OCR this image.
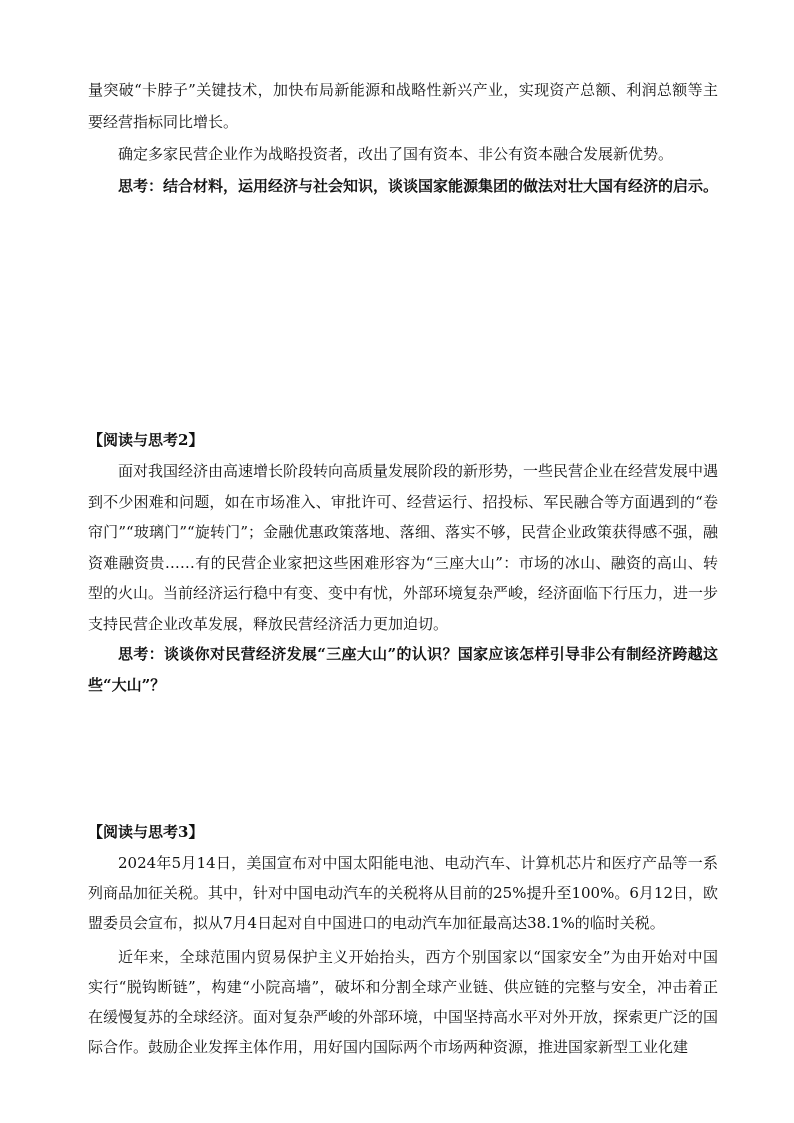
量突破“卡脖子”关键技术，加快布局新能源和战略性新兴产业，实现资产总额、利润总额等主要经营指标同比增长。

确定多家民营企业作为战略投资者，改出了国有资本、非公有资本融合发展新优势。

思考：结合材料，运用经济与社会知识，谈谈国家能源集团的做法对壮大国有经济的启示。

【阅读与思考2】

面对我国经济由高速增长阶段转向高质量发展阶段的新形势，一些民营企业在经营发展中遇到不少困难和问题，如在市场准入、审批许可、经营运行、招投标、军民融合等方面遇到的“卷帘门”“玻璃门”“旋转门”；金融优惠政策落地、落细、落实不够，民营企业政策获得感不强，融资难融资贵……有的民营企业家把这些困难形容为“三座大山”：市场的冰山、融资的高山、转型的火山。当前经济运行稳中有变、变中有忧，外部环境复杂严峻，经济面临下行压力，进一步支持民营企业改革发展，释放民营经济活力更加迫切。

思考：谈谈你对民营经济发展“三座大山”的认识？国家应该怎样引导非公有制经济跨越这些“大山”？

【阅读与思考3】

2024年5月14日，美国宣布对中国太阳能电池、电动汽车、计算机芯片和医疗产品等一系列商品加征关税。其中，针对中国电动汽车的关税将从目前的25%提升至100%。6月12日，欧盟委员会宣布，拟从7月4日起对自中国进口的电动汽车加征最高达38.1%的临时关税。

近年来，全球范围内贸易保护主义开始抬头，西方个别国家以“国家安全”为由开始对中国实行“脱钩断链”，构建“小院高墙”，破坏和分割全球产业链、供应链的完整与安全，冲击着正在缓慢复苏的全球经济。面对复杂严峻的外部环境，中国坚持高水平对外开放，探索更广泛的国际合作。鼓励企业发挥主体作用，用好国内国际两个市场两种资源，推进国家新型工业化建
